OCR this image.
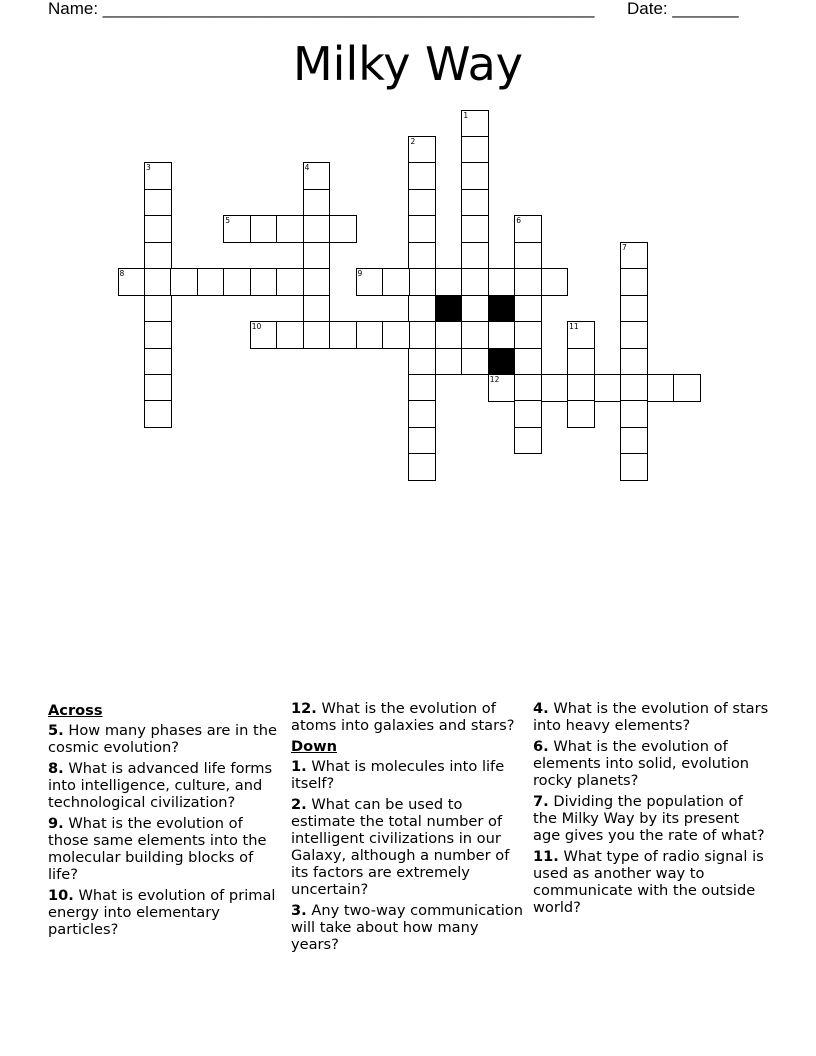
Name: ____________________________________________________ Date: _______
Milky Way
1
2
3	4
5	6
7
8	9
10	11
12
Across
5. How many phases are in the cosmic evolution?
8. What is advanced life forms into intelligence, culture, and technological civilization?
9. What is the evolution of those same elements into the molecular building blocks of life?
10. What is evolution of primal energy into elementary particles?
12. What is the evolution of atoms into galaxies and stars?
Down
1. What is molecules into life itself?
2. What can be used to estimate the total number of intelligent civilizations in our Galaxy, although a number of its factors are extremely uncertain?
3. Any two-way communication will take about how many years?
4. What is the evolution of stars into heavy elements?
6. What is the evolution of elements into solid, evolution rocky planets?
7. Dividing the population of the Milky Way by its present age gives you the rate of what?
11. What type of radio signal is used as another way to communicate with the outside world?
